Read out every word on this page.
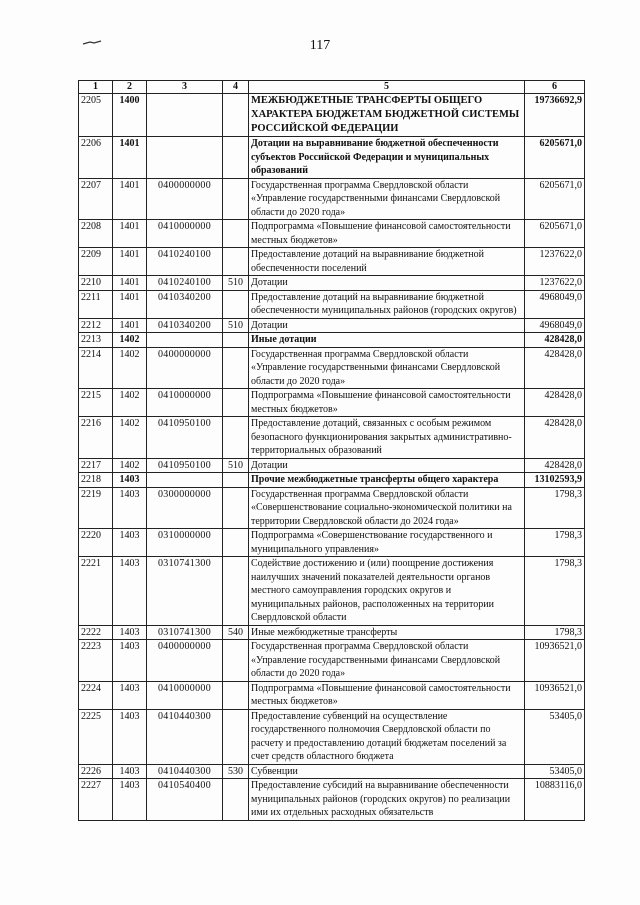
117
1	2	3	4	5	6
2205	1400			МЕЖБЮДЖЕТНЫЕ ТРАНСФЕРТЫ ОБЩЕГО ХАРАКТЕРА БЮДЖЕТАМ БЮДЖЕТНОЙ СИСТЕМЫ РОССИЙСКОЙ ФЕДЕРАЦИИ	19736692,9
2206	1401			Дотации на выравнивание бюджетной обеспеченности субъектов Российской Федерации и муниципальных образований	6205671,0
2207	1401	0400000000		Государственная программа Свердловской области «Управление государственными финансами Свердловской области до 2020 года»	6205671,0
2208	1401	0410000000		Подпрограмма «Повышение финансовой самостоятельности местных бюджетов»	6205671,0
2209	1401	0410240100		Предоставление дотаций на выравнивание бюджетной обеспеченности поселений	1237622,0
2210	1401	0410240100	510	Дотации	1237622,0
2211	1401	0410340200		Предоставление дотаций на выравнивание бюджетной обеспеченности муниципальных районов (городских округов)	4968049,0
2212	1401	0410340200	510	Дотации	4968049,0
2213	1402			Иные дотации	428428,0
2214	1402	0400000000		Государственная программа Свердловской области «Управление государственными финансами Свердловской области до 2020 года»	428428,0
2215	1402	0410000000		Подпрограмма «Повышение финансовой самостоятельности местных бюджетов»	428428,0
2216	1402	0410950100		Предоставление дотаций, связанных с особым режимом безопасного функционирования закрытых административно-территориальных образований	428428,0
2217	1402	0410950100	510	Дотации	428428,0
2218	1403			Прочие межбюджетные трансферты общего характера	13102593,9
2219	1403	0300000000		Государственная программа Свердловской области «Совершенствование социально-экономической политики на территории Свердловской области до 2024 года»	1798,3
2220	1403	0310000000		Подпрограмма «Совершенствование государственного и муниципального управления»	1798,3
2221	1403	0310741300		Содействие достижению и (или) поощрение достижения наилучших значений показателей деятельности органов местного самоуправления городских округов и муниципальных районов, расположенных на территории Свердловской области	1798,3
2222	1403	0310741300	540	Иные межбюджетные трансферты	1798,3
2223	1403	0400000000		Государственная программа Свердловской области «Управление государственными финансами Свердловской области до 2020 года»	10936521,0
2224	1403	0410000000		Подпрограмма «Повышение финансовой самостоятельности местных бюджетов»	10936521,0
2225	1403	0410440300		Предоставление субвенций на осуществление государственного полномочия Свердловской области по расчету и предоставлению дотаций бюджетам поселений за счет средств областного бюджета	53405,0
2226	1403	0410440300	530	Субвенции	53405,0
2227	1403	0410540400		Предоставление субсидий на выравнивание обеспеченности муниципальных районов (городских округов) по реализации ими их отдельных расходных обязательств	10883116,0
